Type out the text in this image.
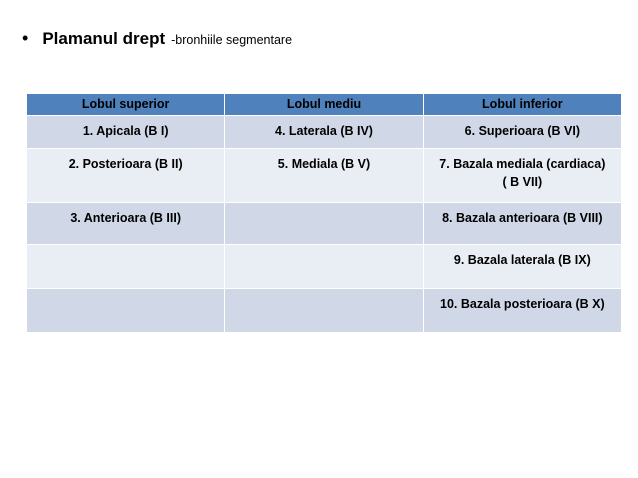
• Plamanul drept -bronhiile segmentare
Lobul superior	Lobul mediu	Lobul inferior
1. Apicala (B I)	4. Laterala (B IV)	6. Superioara (B VI)
2. Posterioara (B II)	5. Mediala (B V)	7. Bazala mediala (cardiaca)
( B VII)
3. Anterioara (B III)		8. Bazala anterioara (B VIII)
		9. Bazala laterala (B IX)
		10. Bazala posterioara (B X)
